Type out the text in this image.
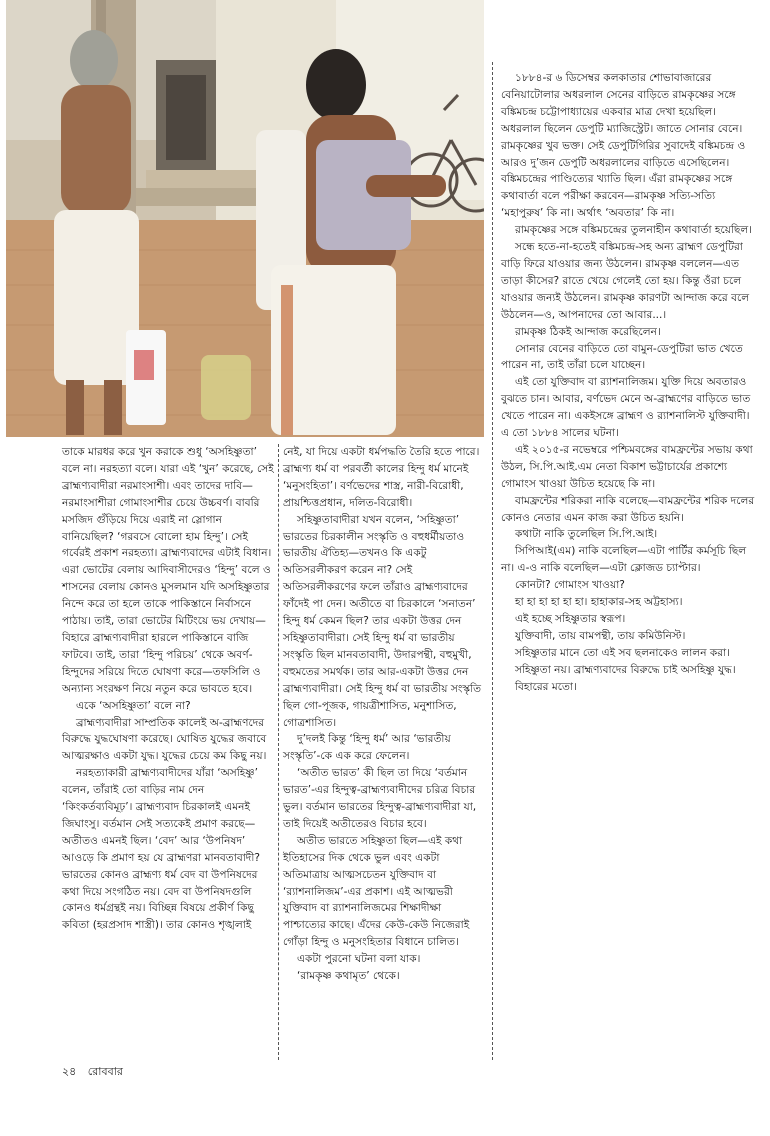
তাকে মারধর করে খুন করাকে শুধু ‘অসহিষ্ণুতা’ বলে না। নরহত্যা বলে। যারা এই ‘খুন’ করেছে, সেই ব্রাহ্মণ্যবাদীরা নরমাংসাশী। এবং তাদের দাবি—নরমাংসাশীরা গোমাংসাশীর চেয়ে উচ্চবর্ণ। বাবরি মসজিদ গুঁড়িয়ে দিয়ে এরাই না স্লোগান বানিয়েছিল? ‘গরবসে বোলো হাম হিন্দু’। সেই গর্বেরই প্রকাশ নরহত্যা। ব্রাহ্মণ্যবাদের এটাই বিধান। এরা ভোটের বেলায় আদিবাসীদেরও ‘হিন্দু’ বলে ও শাসনের বেলায় কোনও মুসলমান যদি অসহিষ্ণুতার নিন্দে করে তা হলে তাকে পাকিস্তানে নির্বাসনে পাঠায়। তাই, তারা ভোটের মিটিংয়ে ভয় দেখায়—বিহারে ব্রাহ্মণ্যবাদীরা হারলে পাকিস্তানে বাজি ফাটবে। তাই, তারা ‘হিন্দু পরিচয়’ থেকে অবর্ণ-হিন্দুদের সরিয়ে দিতে ঘোষণা করে—তফসিলি ও অন্যান্য সংরক্ষণ নিয়ে নতুন করে ভাবতে হবে।

একে ‘অসহিষ্ণুতা’ বলে না?

ব্রাহ্মণ্যবাদীরা সাম্প্রতিক কালেই অ-ব্রাহ্মণদের বিরুদ্ধে যুদ্ধঘোষণা করেছে। ঘোষিত যুদ্ধের জবাবে আত্মরক্ষাও একটা যুদ্ধ। যুদ্ধের চেয়ে কম কিছু নয়।

নরহত্যাকারী ব্রাহ্মণ্যবাদীদের যাঁরা ‘অসহিষ্ণু’ বলেন, তাঁরাই তো বাড়ির নাম দেন ‘কিংকর্তব্যবিমূঢ়’। ব্রাহ্মণ্যবাদ চিরকালই এমনই জিঘাংসু। বর্তমান সেই সত্যকেই প্রমাণ করছে—অতীতও এমনই ছিল। ‘বেদ’ আর ‘উপনিষদ’ আওড়ে কি প্রমাণ হয় যে ব্রাহ্মণরা মানবতাবাদী? ভারতের কোনও ব্রাহ্মণ্য ধর্ম বেদ বা উপনিষদের কথা দিয়ে সংগঠিত নয়। বেদ বা উপনিষদগুলি কোনও ধর্মগ্রন্থই নয়। বিচ্ছিন্ন বিষয়ে প্রকীর্ণ কিছু কবিতা (হরপ্রসাদ শাস্ত্রী)। তার কোনও শৃঙ্খলাই

নেই, যা দিয়ে একটা ধর্মপদ্ধতি তৈরি হতে পারে। ব্রাহ্মণ্য ধর্ম বা পরবর্তী কালের হিন্দু ধর্ম মানেই ‘মনুসংহিতা’। বর্ণভেদের শাস্ত্র, নারী-বিরোধী, প্রায়শ্চিত্তপ্রধান, দলিত-বিরোধী।

সহিষ্ণুতাবাদীরা যখন বলেন, ‘সহিষ্ণুতা’ ভারতের চিরকালীন সংস্কৃতি ও বহুধর্মীয়তাও ভারতীয় ঐতিহ্য—তখনও কি একটু অতিসরলীকরণ করেন না? সেই অতিসরলীকরণের ফলে তাঁরাও ব্রাহ্মণ্যবাদের ফাঁদেই পা দেন। অতীতে বা চিরকালে ‘সনাতন’ হিন্দু ধর্ম কেমন ছিল? তার একটা উত্তর দেন সহিষ্ণুতাবাদীরা। সেই হিন্দু ধর্ম বা ভারতীয় সংস্কৃতি ছিল মানবতাবাদী, উদারপন্থী, বহুমুখী, বহুমতের সমর্থক। তার আর-একটা উত্তর দেন ব্রাহ্মণ্যবাদীরা। সেই হিন্দু ধর্ম বা ভারতীয় সংস্কৃতি ছিল গো-পূজক, গায়ত্রীশাসিত, মনুশাসিত, গোত্রশাসিত।

দু’দলই কিন্তু ‘হিন্দু ধর্ম’ আর ‘ভারতীয় সংস্কৃতি’-কে এক করে ফেলেন।

‘অতীত ভারত’ কী ছিল তা দিয়ে ‘বর্তমান ভারত’-এর হিন্দুত্ব-ব্রাহ্মণ্যবাদীদের চরিত্র বিচার ভুল। বর্তমান ভারতের হিন্দুত্ব-ব্রাহ্মণ্যবাদীরা যা, তাই দিয়েই অতীতেরও বিচার হবে।

অতীত ভারতে সহিষ্ণুতা ছিল—এই কথা ইতিহাসের দিক থেকে ভুল এবং একটা অতিমাত্রায় আত্মসচেতন যুক্তিবাদ বা ‘র‍্যাশনালিজম’-এর প্রকাশ। এই আত্মভরী যুক্তিবাদ বা র‍্যাশনালিজমের শিক্ষাদীক্ষা পাশ্চাত্যের কাছে। এঁদের কেউ-কেউ নিজেরাই গোঁড়া হিন্দু ও মনুসংহিতার বিধানে চালিত।

একটা পুরনো ঘটনা বলা যাক।

‘রামকৃষ্ণ কথামৃত’ থেকে।

১৮৮৪-র ৬ ডিসেম্বর কলকাতার শোভাবাজারের বেনিয়াটোলার অধরলাল সেনের বাড়িতে রামকৃষ্ণের সঙ্গে বঙ্কিমচন্দ্র চট্টোপাধ্যায়ের একবার মাত্র দেখা হয়েছিল। অধরলাল ছিলেন ডেপুটি ম্যাজিস্ট্রেট। জাতে সোনার বেনে। রামকৃষ্ণের খুব ভক্ত। সেই ডেপুটিগিরির সুবাদেই বঙ্কিমচন্দ্র ও আরও দু’জন ডেপুটি অধরলালের বাড়িতে এসেছিলেন। বঙ্কিমচন্দ্রের পাণ্ডিত্যের খ্যাতি ছিল। এঁরা রামকৃষ্ণের সঙ্গে কথাবার্তা বলে পরীক্ষা করবেন—রামকৃষ্ণ সত্যি-সত্যি ‘মহাপুরুষ’ কি না। অর্থাৎ ‘অবতার’ কি না।

রামকৃষ্ণের সঙ্গে বঙ্কিমচন্দ্রের তুলনাহীন কথাবার্তা হয়েছিল।

সন্ধে হতে-না-হতেই বঙ্কিমচন্দ্র-সহ অন্য ব্রাহ্মণ ডেপুটিরা বাড়ি ফিরে যাওয়ার জন্য উঠলেন। রামকৃষ্ণ বললেন—এত তাড়া কীসের? রাতে খেয়ে গেলেই তো হয়। কিন্তু ওঁরা চলে যাওয়ার জন্যই উঠলেন। রামকৃষ্ণ কারণটা আন্দাজ করে বলে উঠলেন—ও, আপনাদের তো আবার...।

রামকৃষ্ণ ঠিকই আন্দাজ করেছিলেন।

সোনার বেনের বাড়িতে তো বামুন-ডেপুটিরা ভাত খেতে পারেন না, তাই তাঁরা চলে যাচ্ছেন।

এই তো যুক্তিবাদ বা র‍্যাশনালিজম। যুক্তি দিয়ে অবতারও বুঝতে চান। আবার, বর্ণভেদ মেনে অ-ব্রাহ্মণের বাড়িতে ভাত খেতে পারেন না। একইসঙ্গে ব্রাহ্মণ ও র‍্যাশনালিস্ট যুক্তিবাদী। এ তো ১৮৮৪ সালের ঘটনা।

এই ২০১৫-র নভেম্বরে পশ্চিমবঙ্গের বামফ্রন্টের সভায় কথা উঠল, সি.পি.আই.এম নেতা বিকাশ ভট্টাচার্যের প্রকাশ্যে গোমাংস খাওয়া উচিত হয়েছে কি না।

বামফ্রন্টের শরিকরা নাকি বলেছে—বামফ্রন্টের শরিক দলের কোনও নেতার এমন কাজ করা উচিত হয়নি।

কথাটা নাকি তুলেছিল সি.পি.আই।

সিপিআই(এম) নাকি বলেছিল—এটা পার্টির কর্মসূচি ছিল না। এ-ও নাকি বলেছিল—এটা ক্লোজড চ্যাপ্টার।

কোনটা? গোমাংস খাওয়া?

হা হা হা হা হা হা। হাহাকার-সহ অট্টহাস্য।

এই হচ্ছে সহিষ্ণুতার স্বরূপ।

যুক্তিবাদী, তায় বামপন্থী, তায় কমিউনিস্ট।

সহিষ্ণুতার মানে তো এই সব ছলনাকেও লালন করা।

সহিষ্ণুতা নয়। ব্রাহ্মণ্যবাদের বিরুদ্ধে চাই অসহিষ্ণু যুদ্ধ।

বিহারের মতো।

২৪ রোববার
